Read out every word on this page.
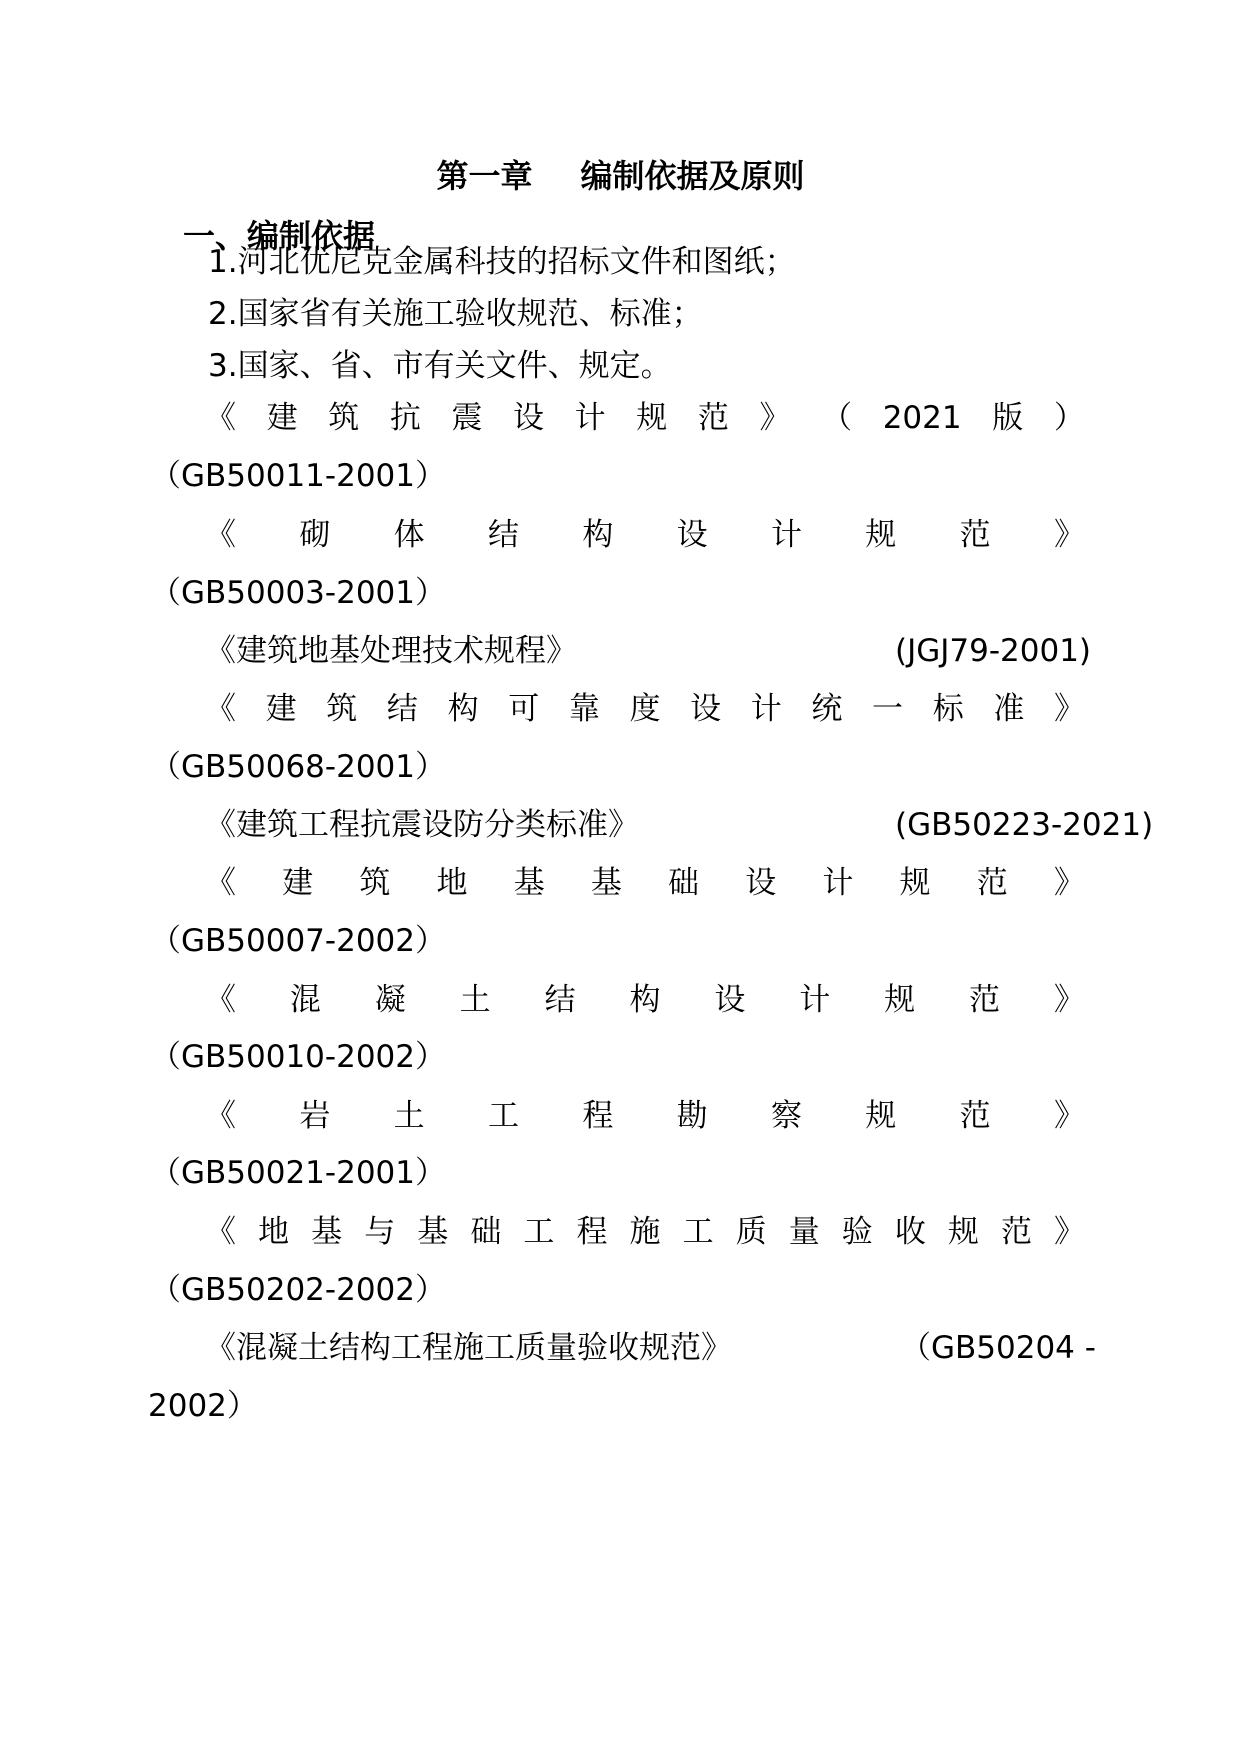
第一章 编制依据及原则
一、编制依据
1.河北优尼克金属科技的招标文件和图纸；
2.国家省有关施工验收规范、标准；
3.国家、省、市有关文件、规定。
《 建 筑 抗 震 设 计 规 范 》 （ 2021 版 ）
（GB50011-2001）
《 砌 体 结 构 设 计 规 范 》
（GB50003-2001）
《建筑地基处理技术规程》	(JGJ79-2001)
《 建 筑 结 构 可 靠 度 设 计 统 一 标 准 》
（GB50068-2001）
《建筑工程抗震设防分类标准》	(GB50223-2021)
《 建 筑 地 基 基 础 设 计 规 范 》
（GB50007-2002）
《 混 凝 土 结 构 设 计 规 范 》
（GB50010-2002）
《 岩 土 工 程 勘 察 规 范 》
（GB50021-2001）
《 地 基 与 基 础 工 程 施 工 质 量 验 收 规 范 》
（GB50202-2002）
《混凝土结构工程施工质量验收规范》	（GB50204 -
2002）
